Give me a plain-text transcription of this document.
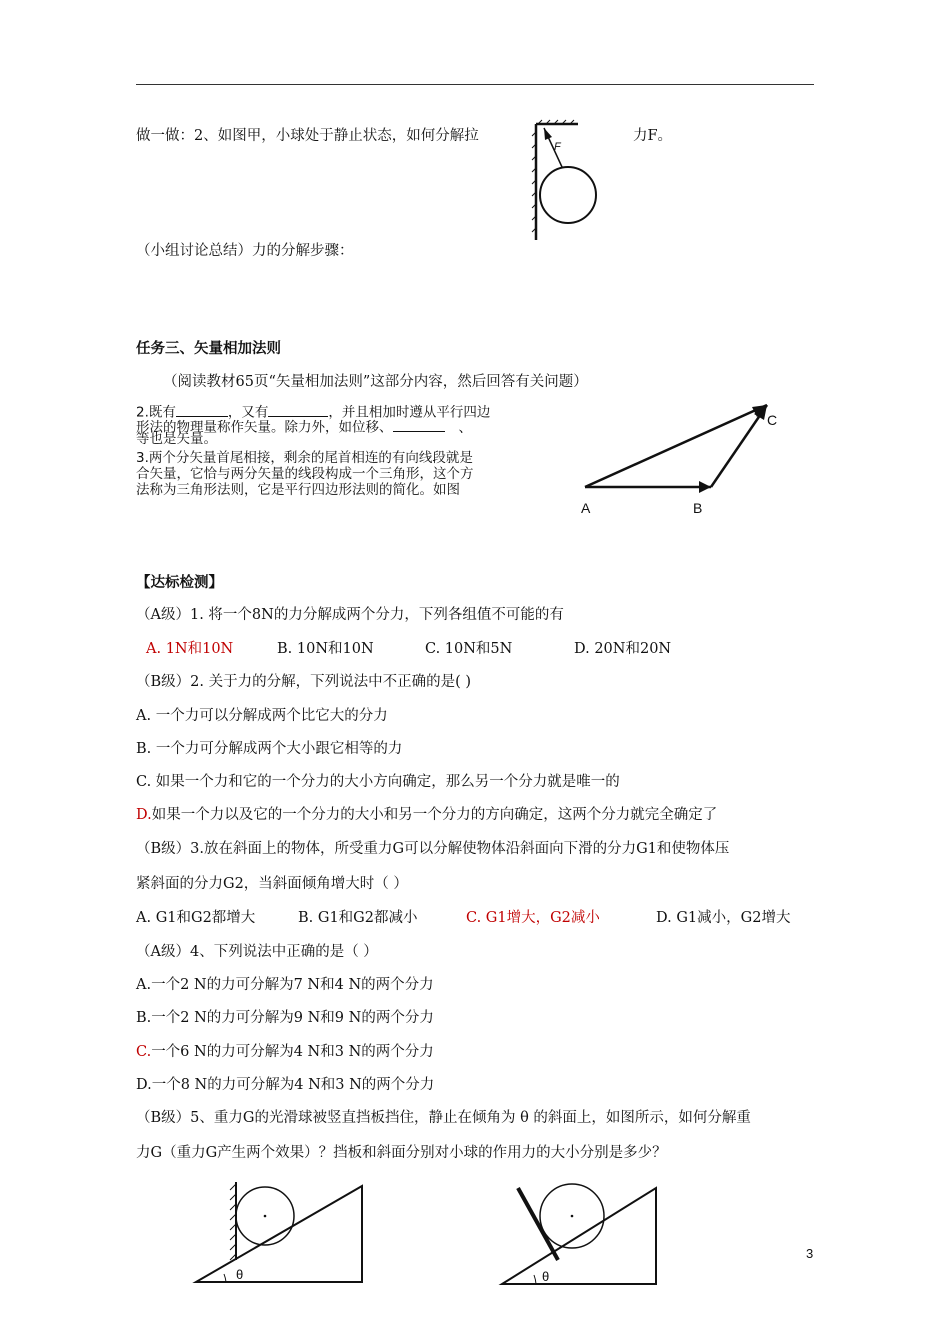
做一做：2、如图甲，小球处于静止状态，如何分解拉	力F。
F
（小组讨论总结）力的分解步骤：
任务三、矢量相加法则
（阅读教材65页“矢量相加法则”这部分内容，然后回答有关问题）
2.既有	，又有	，并且相加时遵从平行四边
形法的物理量称作矢量。除力外，如位移、	、
等也是矢量。
3.两个分矢量首尾相接，剩余的尾首相连的有向线段就是
合矢量，它恰与两分矢量的线段构成一个三角形，这个方
法称为三角形法则，它是平行四边形法则的简化。如图
A	B
C
【达标检测】
（A级）1. 将一个8N的力分解成两个分力，下列各组值不可能的有
A. 1N和10N	B. 10N和10N	C. 10N和5N	D. 20N和20N
（B级）2. 关于力的分解，下列说法中不正确的是( )
A. 一个力可以分解成两个比它大的分力
B. 一个力可分解成两个大小跟它相等的力
C. 如果一个力和它的一个分力的大小方向确定，那么另一个分力就是唯一的
D.如果一个力以及它的一个分力的大小和另一个分力的方向确定，这两个分力就完全确定了
（B级）3.放在斜面上的物体，所受重力G可以分解使物体沿斜面向下滑的分力G1和使物体压
紧斜面的分力G2，当斜面倾角增大时（ ）
A. G1和G2都增大	B. G1和G2都减小	C. G1增大，G2减小	D. G1减小，G2增大
（A级）4、下列说法中正确的是（ ）
A.一个2 N的力可分解为7 N和4 N的两个分力
B.一个2 N的力可分解为9 N和9 N的两个分力
C.一个6 N的力可分解为4 N和3 N的两个分力
D.一个8 N的力可分解为4 N和3 N的两个分力
（B级）5、重力G的光滑球被竖直挡板挡住，静止在倾角为 θ 的斜面上，如图所示，如何分解重
力G（重力G产生两个效果）？挡板和斜面分别对小球的作用力的大小分别是多少？
θ	θ
3
